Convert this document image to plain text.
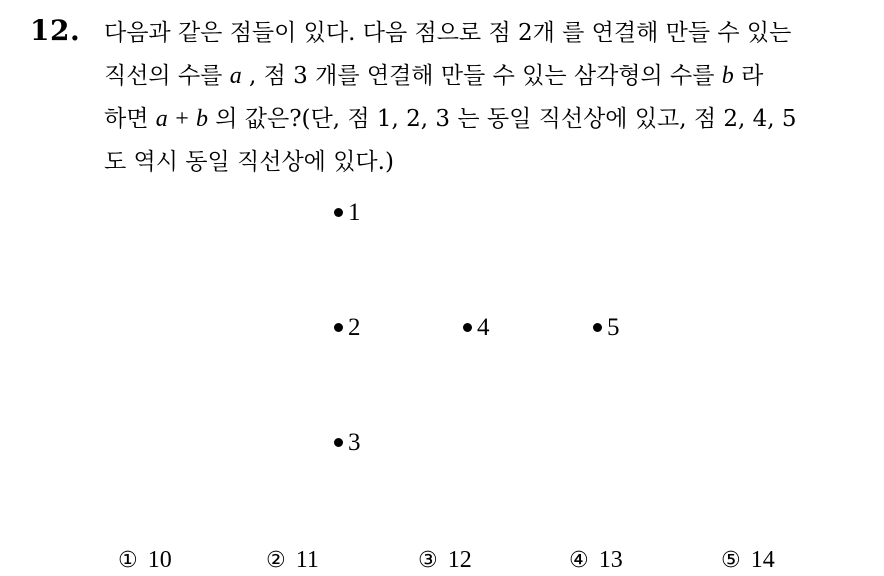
12. 다음과 같은 점들이 있다. 다음 점으로 점 2개 를 연결해 만들 수 있는
직선의 수를 a , 점 3 개를 연결해 만들 수 있는 삼각형의 수를 b 라
하면 a + b 의 값은?(단, 점 1, 2, 3 는 동일 직선상에 있고, 점 2, 4, 5
도 역시 동일 직선상에 있다.)
1
2
3
4	5
① 10	② 11	③ 12	④ 13	⑤ 14
